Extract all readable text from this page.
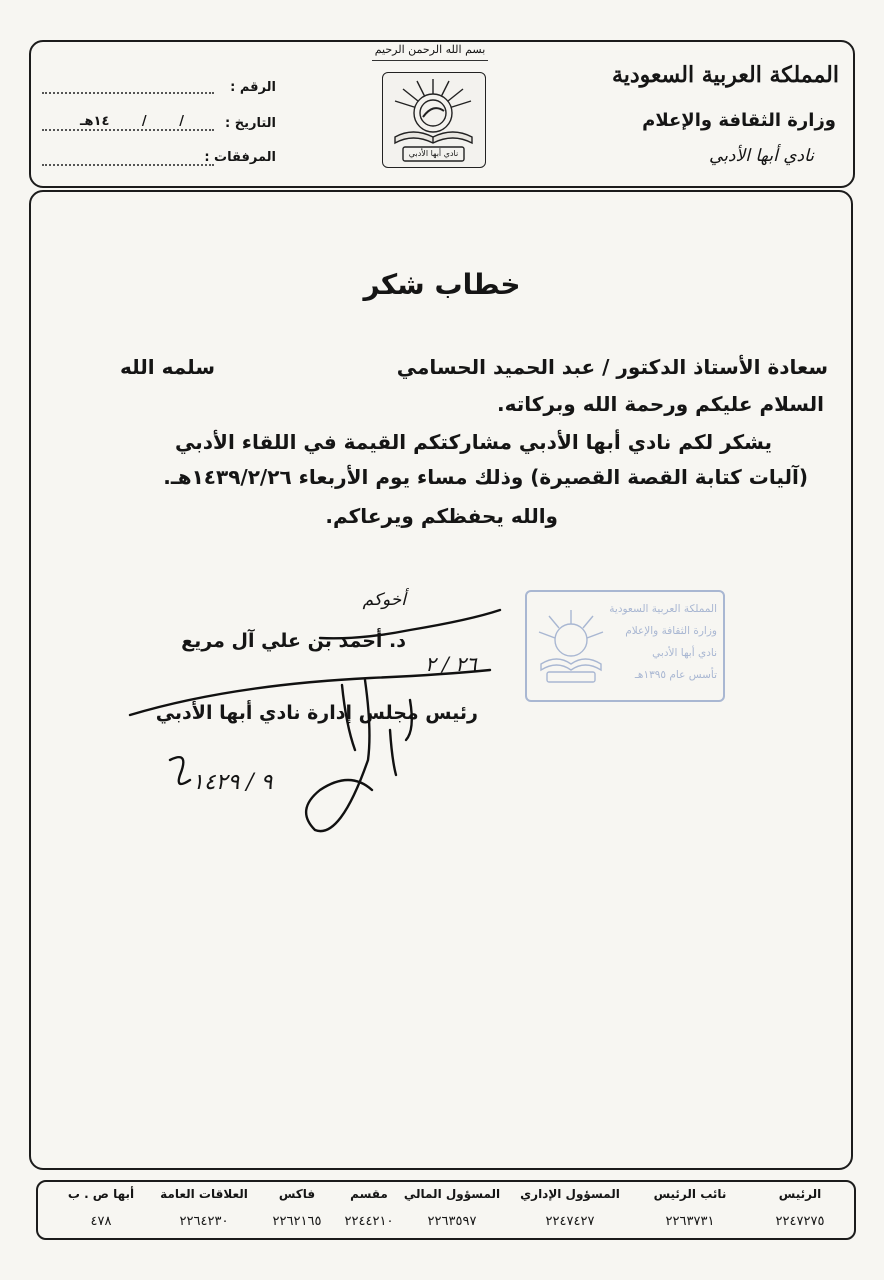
المملكة العربية السعودية
وزارة الثقافة والإعلام
نادي أبها الأدبي
بسم الله الرحمن الرحيم
نادي أبها الأدبي
الرقم :
التاريخ :
/ / ١٤هـ
المرفقات :
خطاب شكر
سعادة الأستاذ الدكتور / عبد الحميد الحسامي
سلمه الله
السلام عليكم ورحمة الله وبركاته.
يشكر لكم نادي أبها الأدبي مشاركتكم القيمة في اللقاء الأدبي
(آليات كتابة القصة القصيرة) وذلك مساء يوم الأربعاء ١٤٣٩/٢/٢٦هـ.
والله يحفظكم ويرعاكم.
المملكة العربية السعودية
وزارة الثقافة والإعلام
نادي أبها الأدبي
تأسس عام ١٣٩٥هـ
أخوكم
د. أحمد بن علي آل مريع
٢٦ / ٢
رئيس مجلس إدارة نادي أبها الأدبي
٩ / ١٤٢٩
الرئيس
٢٢٤٧٢٧٥
نائب الرئيس
٢٢٦٣٧٣١
المسؤول الإداري
٢٢٤٧٤٢٧
المسؤول المالي
٢٢٦٣٥٩٧
مقسم
٢٢٤٤٢١٠
فاكس
٢٢٦٢١٦٥
العلاقات العامة
٢٢٦٤٢٣٠
أبها ص . ب
٤٧٨
